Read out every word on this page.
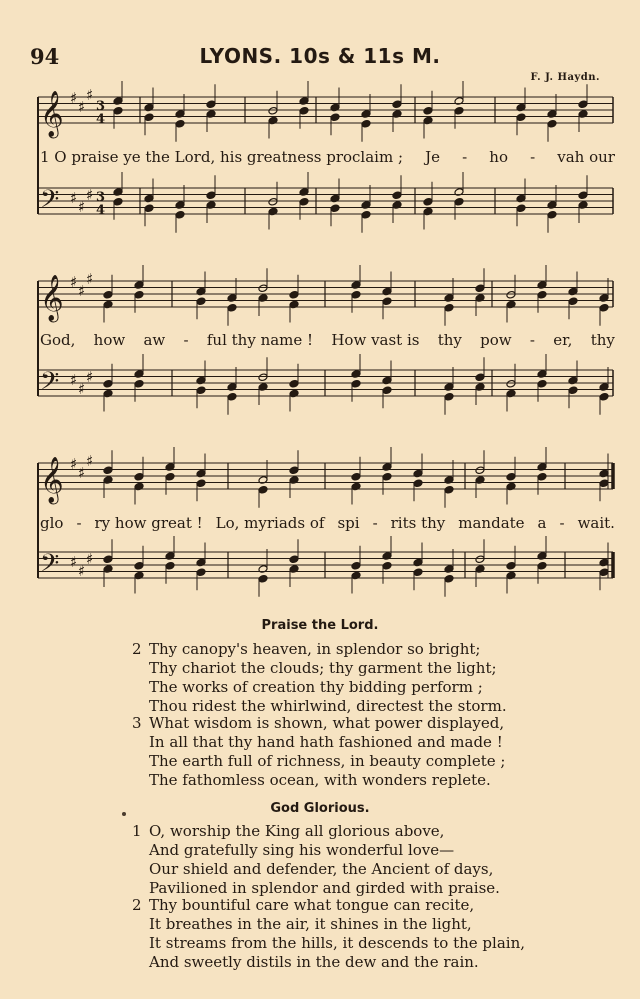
94	LYONS. 10s & 11s M.
F. J. Haydn.
𝄞 ♯ ♯
♯
3
4
𝄢 ♯ ♯
♯ 3
4
𝄞 ♯ ♯
♯
𝄢 ♯ ♯
♯
𝄞 ♯ ♯
♯
𝄢 ♯ ♯
♯
1 O praise ye the Lord, his greatness proclaim ; Je - ho - vah our
God, how aw - ful thy name ! How vast is thy pow - er, thy
glo - ry how great ! Lo, myriads of spi - rits thy mandate a - wait.
Praise the Lord.
2 Thy canopy's heaven, in splendor so bright;
Thy chariot the clouds; thy garment the light;
The works of creation thy bidding perform ;
Thou ridest the whirlwind, directest the storm.
3 What wisdom is shown, what power displayed,
In all that thy hand hath fashioned and made !
The earth full of richness, in beauty complete ;
The fathomless ocean, with wonders replete.
God Glorious.
1 O, worship the King all glorious above,
And gratefully sing his wonderful love—
Our shield and defender, the Ancient of days,
Pavilioned in splendor and girded with praise.
2 Thy bountiful care what tongue can recite,
It breathes in the air, it shines in the light,
It streams from the hills, it descends to the plain,
And sweetly distils in the dew and the rain.
